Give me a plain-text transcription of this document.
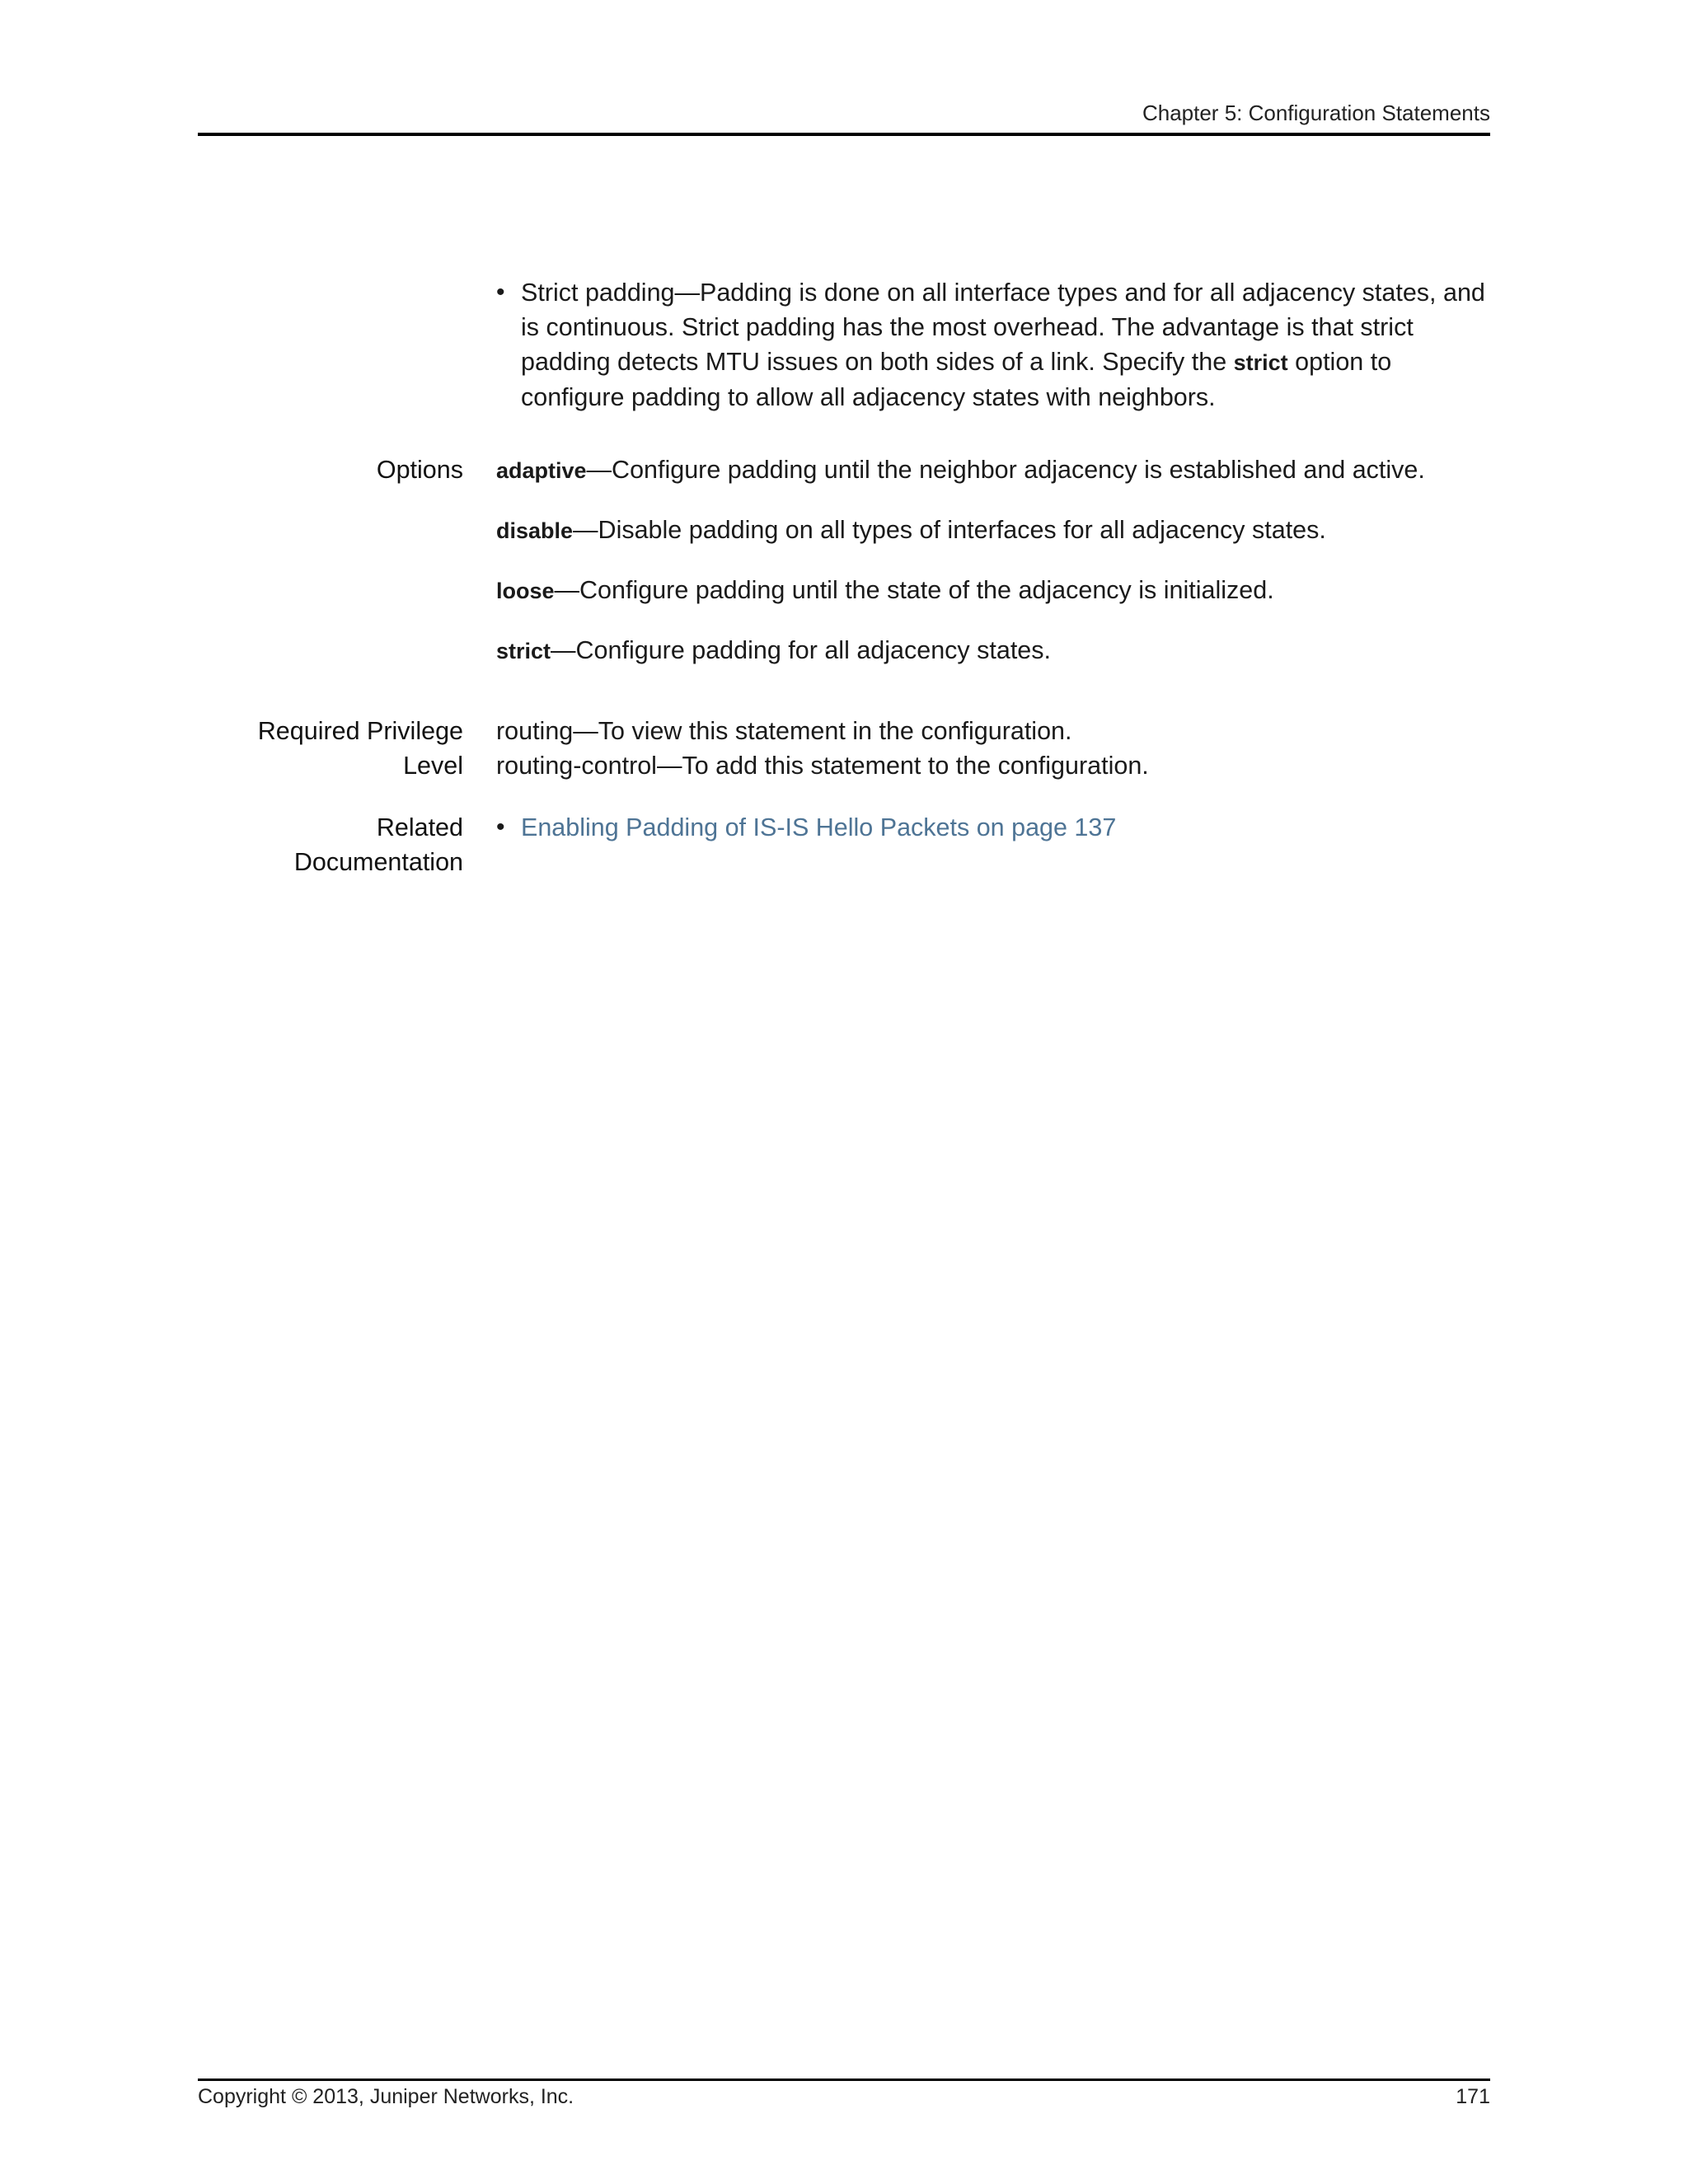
Chapter 5: Configuration Statements
• Strict padding—Padding is done on all interface types and for all adjacency states, and is continuous. Strict padding has the most overhead. The advantage is that strict padding detects MTU issues on both sides of a link. Specify the strict option to configure padding to allow all adjacency states with neighbors.
Options adaptive—Configure padding until the neighbor adjacency is established and active.

disable—Disable padding on all types of interfaces for all adjacency states.

loose—Configure padding until the state of the adjacency is initialized.

strict—Configure padding for all adjacency states.

Required Privilege
Level

routing—To view this statement in the configuration.

routing-control—To add this statement to the configuration.

Related
Documentation
• Enabling Padding of IS-IS Hello Packets on page 137
Copyright © 2013, Juniper Networks, Inc.	171
